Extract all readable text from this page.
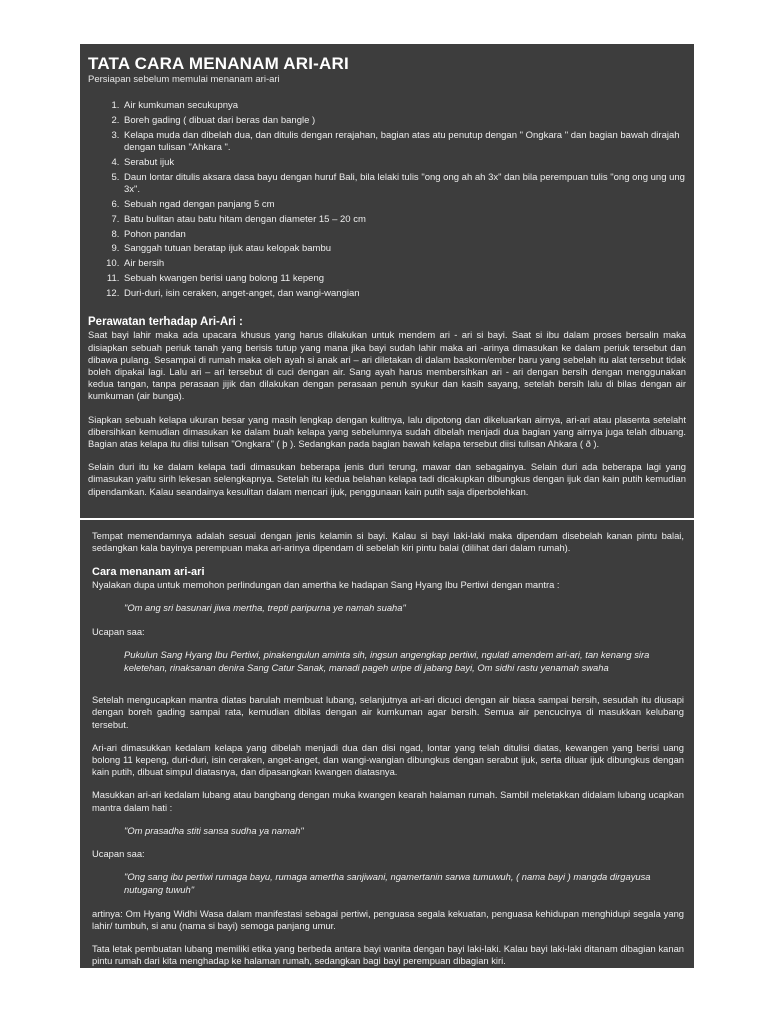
TATA CARA MENANAM ARI-ARI

Persiapan sebelum memulai menanam ari-ari

1. Air kumkuman secukupnya
2. Boreh gading ( dibuat dari beras dan bangle )
3. Kelapa muda dan dibelah dua, dan ditulis dengan rerajahan, bagian atas atu penutup dengan " Ongkara " dan bagian bawah dirajah dengan tulisan "Ahkara ".
4. Serabut ijuk
5. Daun lontar ditulis aksara dasa bayu dengan huruf Bali, bila lelaki tulis "ong ong ah ah 3x" dan bila perempuan tulis "ong ong ung ung 3x".
6. Sebuah ngad dengan panjang 5 cm
7. Batu bulitan atau batu hitam dengan diameter 15 – 20 cm
8. Pohon pandan
9. Sanggah tutuan beratap ijuk atau kelopak bambu
10. Air bersih
11. Sebuah kwangen berisi uang bolong 11 kepeng
12. Duri-duri, isin ceraken, anget-anget, dan wangi-wangian
Perawatan terhadap Ari-Ari :

Saat bayi lahir maka ada upacara khusus yang harus dilakukan untuk mendem ari - ari si bayi. Saat si ibu dalam proses bersalin maka disiapkan sebuah periuk tanah yang berisis tutup yang mana jika bayi sudah lahir maka ari -arinya dimasukan ke dalam periuk tersebut dan dibawa pulang. Sesampai di rumah maka oleh ayah si anak ari – ari diletakan di dalam baskom/ember baru yang sebelah itu alat tersebut tidak boleh dipakai lagi. Lalu ari – ari tersebut di cuci dengan air. Sang ayah harus membersihkan ari - ari dengan bersih dengan menggunakan kedua tangan, tanpa perasaan jijik dan dilakukan dengan perasaan penuh syukur dan kasih sayang, setelah bersih lalu di bilas dengan air kumkuman (air bunga).

Siapkan sebuah kelapa ukuran besar yang masih lengkap dengan kulitnya, lalu dipotong dan dikeluarkan airnya, ari-ari atau plasenta setelaht dibersihkan kemudian dimasukan ke dalam buah kelapa yang sebelumnya sudah dibelah menjadi dua bagian yang airnya juga telah dibuang. Bagian atas kelapa itu diisi tulisan "Ongkara" ( þ ). Sedangkan pada bagian bawah kelapa tersebut diisi tulisan Ahkara ( ð ).

Selain duri itu ke dalam kelapa tadi dimasukan beberapa jenis duri terung, mawar dan sebagainya. Selain duri ada beberapa lagi yang dimasukan yaitu sirih lekesan selengkapnya. Setelah itu kedua belahan kelapa tadi dicakupkan dibungkus dengan ijuk dan kain putih kemudian dipendamkan. Kalau seandainya kesulitan dalam mencari ijuk, penggunaan kain putih saja diperbolehkan.

Tempat memendamnya adalah sesuai dengan jenis kelamin si bayi. Kalau si bayi laki-laki maka dipendam disebelah kanan pintu balai, sedangkan kala bayinya perempuan maka ari-arinya dipendam di sebelah kiri pintu balai (dilihat dari dalam rumah).

Cara menanam ari-ari

Nyalakan dupa untuk memohon perlindungan dan amertha ke hadapan Sang Hyang Ibu Pertiwi dengan mantra :

"Om ang sri basunari jiwa mertha, trepti paripurna ye namah suaha"

Ucapan saa:

Pukulun Sang Hyang Ibu Pertiwi, pinakengulun aminta sih, ingsun angengkap pertiwi, ngulati amendem ari-ari, tan kenang sira keletehan, rinaksanan denira Sang Catur Sanak, manadi pageh uripe di jabang bayi, Om sidhi rastu yenamah swaha

Setelah mengucapkan mantra diatas barulah membuat lubang, selanjutnya ari-ari dicuci dengan air biasa sampai bersih, sesudah itu diusapi dengan boreh gading sampai rata, kemudian dibilas dengan air kumkuman agar bersih. Semua air pencucinya di masukkan kelubang tersebut.

Ari-ari dimasukkan kedalam kelapa yang dibelah menjadi dua dan disi ngad, lontar yang telah ditulisi diatas, kewangen yang berisi uang bolong 11 kepeng, duri-duri, isin ceraken, anget-anget, dan wangi-wangian dibungkus dengan serabut ijuk, serta diluar ijuk dibungkus dengan kain putih, dibuat simpul diatasnya, dan dipasangkan kwangen diatasnya.

Masukkan ari-ari kedalam lubang atau bangbang dengan muka kwangen kearah halaman rumah. Sambil meletakkan didalam lubang ucapkan mantra dalam hati :

"Om prasadha stiti sansa sudha ya namah"

Ucapan saa:

"Ong sang ibu pertiwi rumaga bayu, rumaga amertha sanjiwani, ngamertanin sarwa tumuwuh, ( nama bayi ) mangda dirgayusa nutugang tuwuh"

artinya: Om Hyang Widhi Wasa dalam manifestasi sebagai pertiwi, penguasa segala kekuatan, penguasa kehidupan menghidupi segala yang lahir/ tumbuh, si anu (nama si bayi) semoga panjang umur.

Tata letak pembuatan lubang memiliki etika yang berbeda antara bayi wanita dengan bayi laki-laki. Kalau bayi laki-laki ditanam dibagian kanan pintu rumah dari kita menghadap ke halaman rumah, sedangkan bagi bayi perempuan dibagian kiri.
